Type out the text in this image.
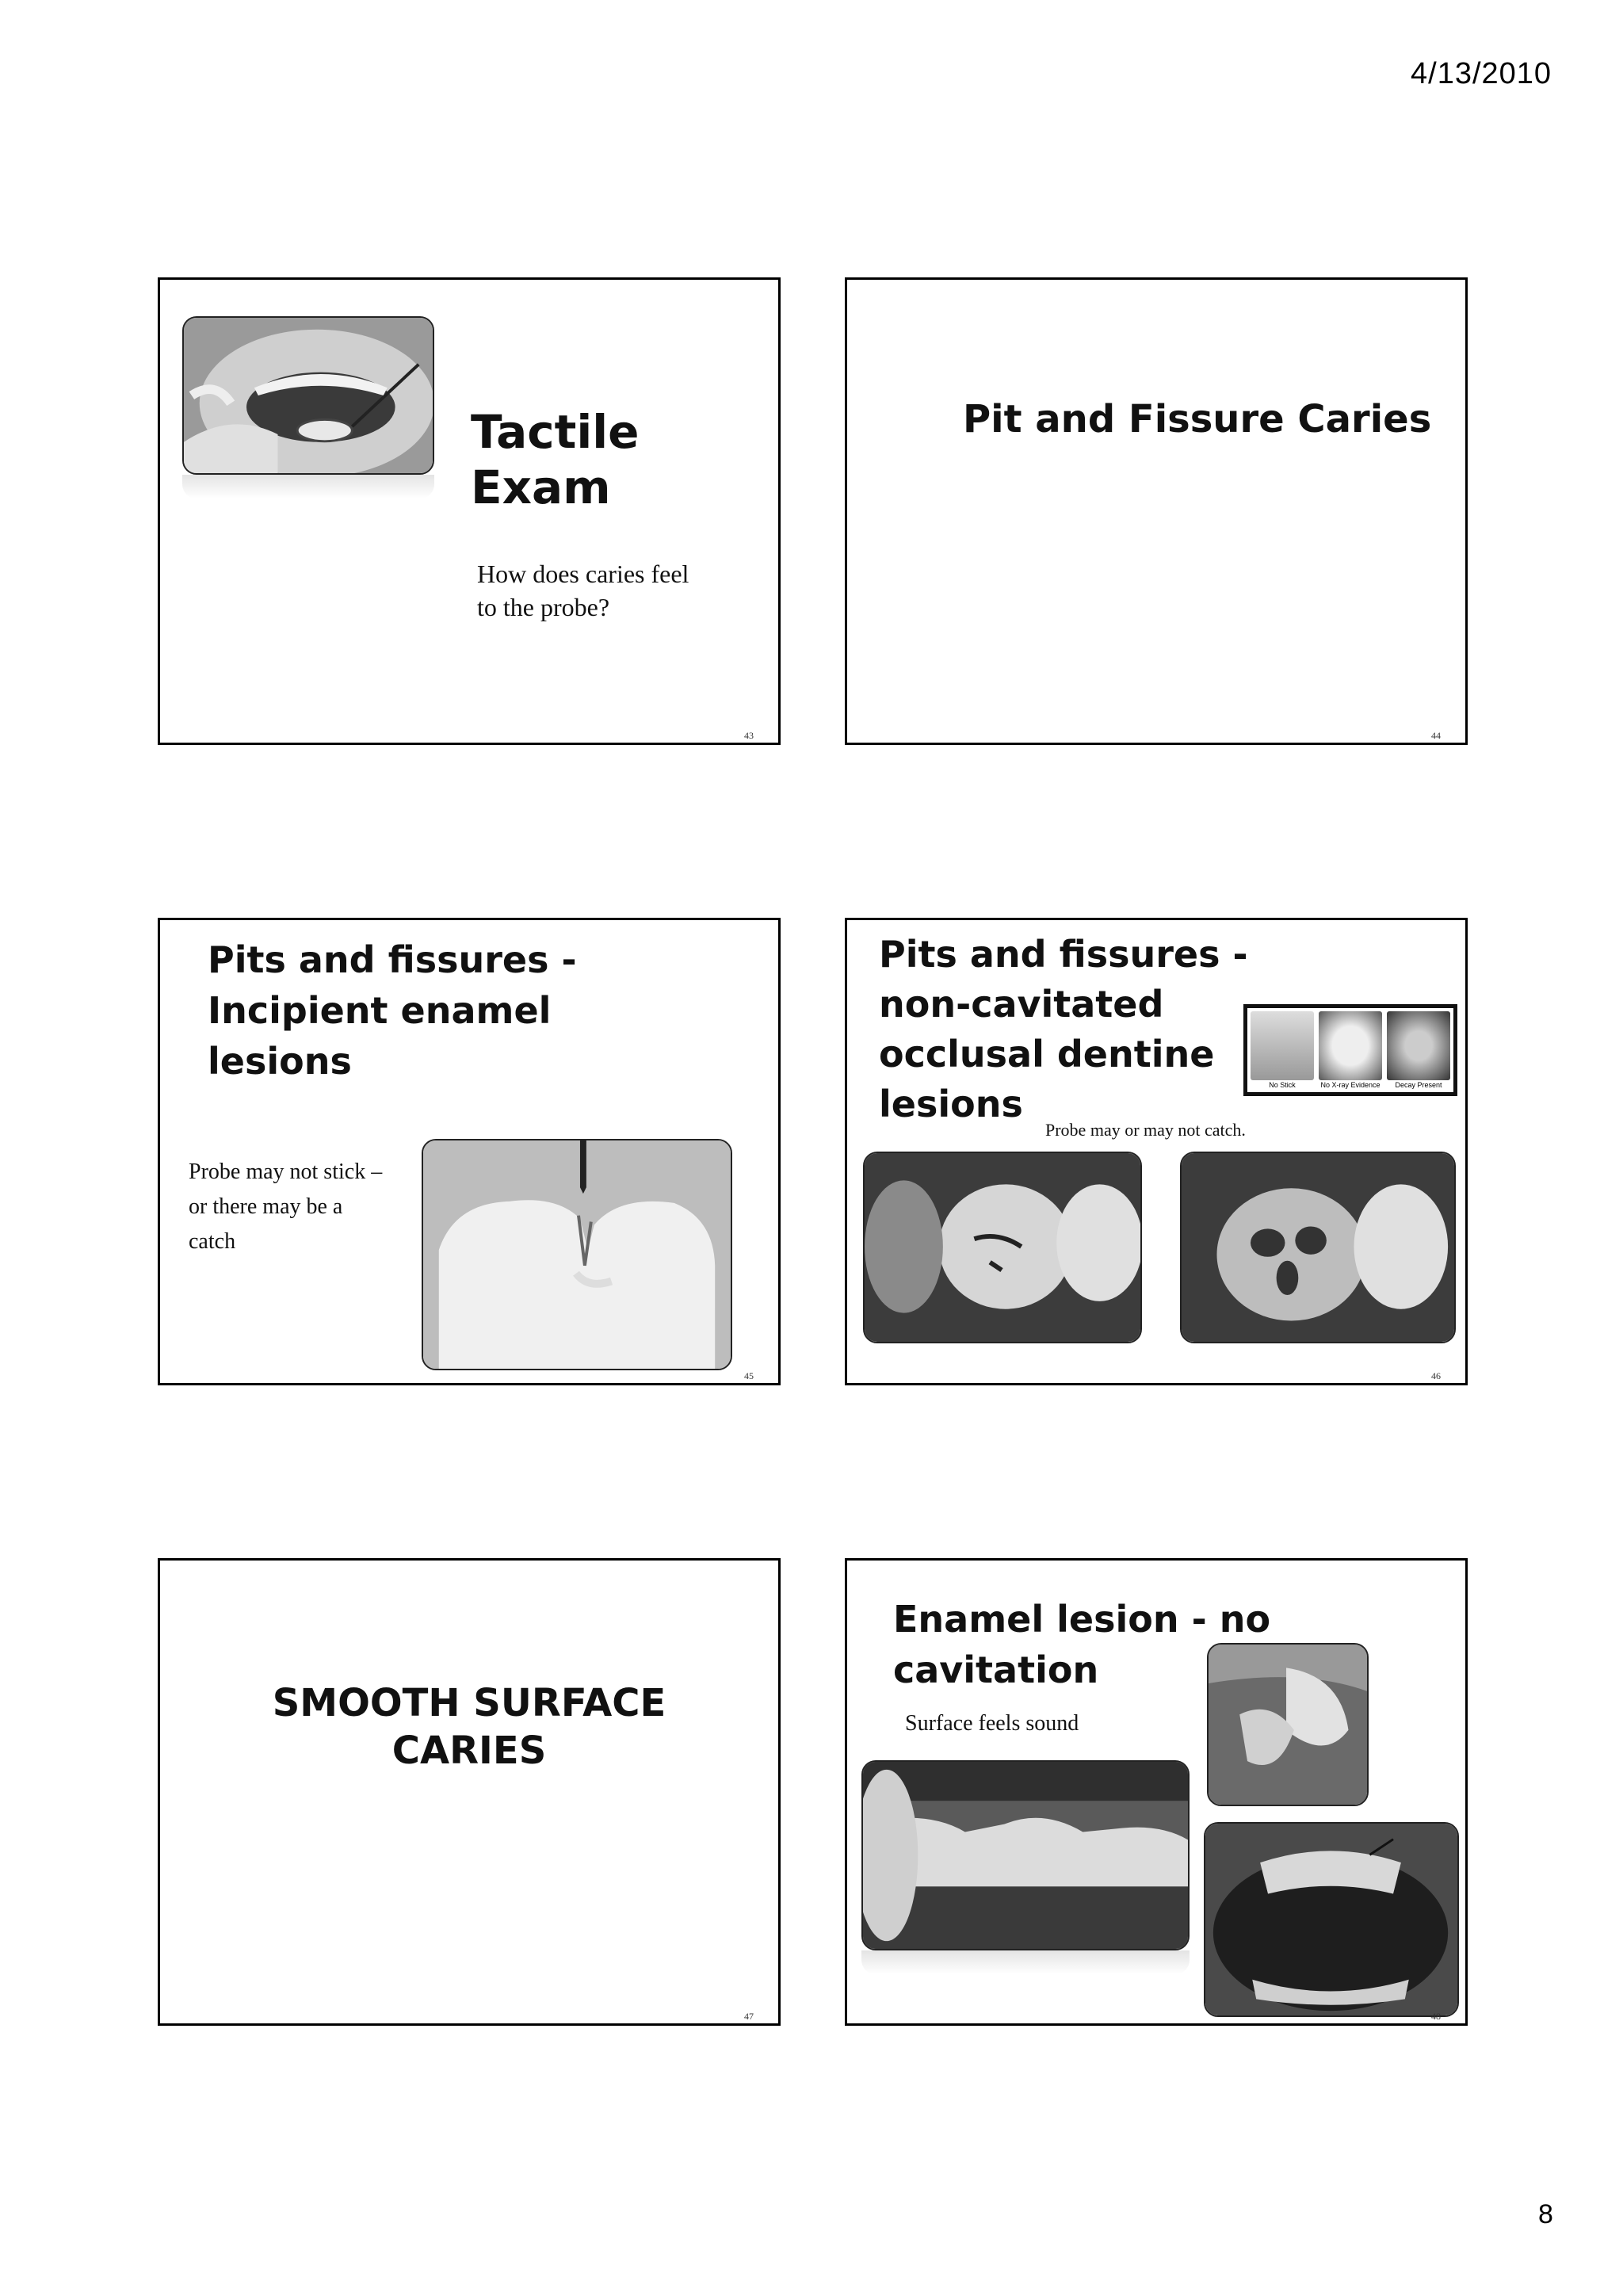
4/13/2010
Tactile
Exam
How does caries feel
to the probe?
43
Pit and Fissure Caries
44
Pits and fissures -
Incipient enamel
lesions
Probe may not stick –
or there may be a
catch
45
Pits and fissures -
non-cavitated
occlusal dentine
lesions	No Stick	No X-ray Evidence Decay Present
Probe may or may not catch.
46
SMOOTH SURFACE
CARIES
47
Enamel lesion - no
cavitation
Surface feels sound
48
8
